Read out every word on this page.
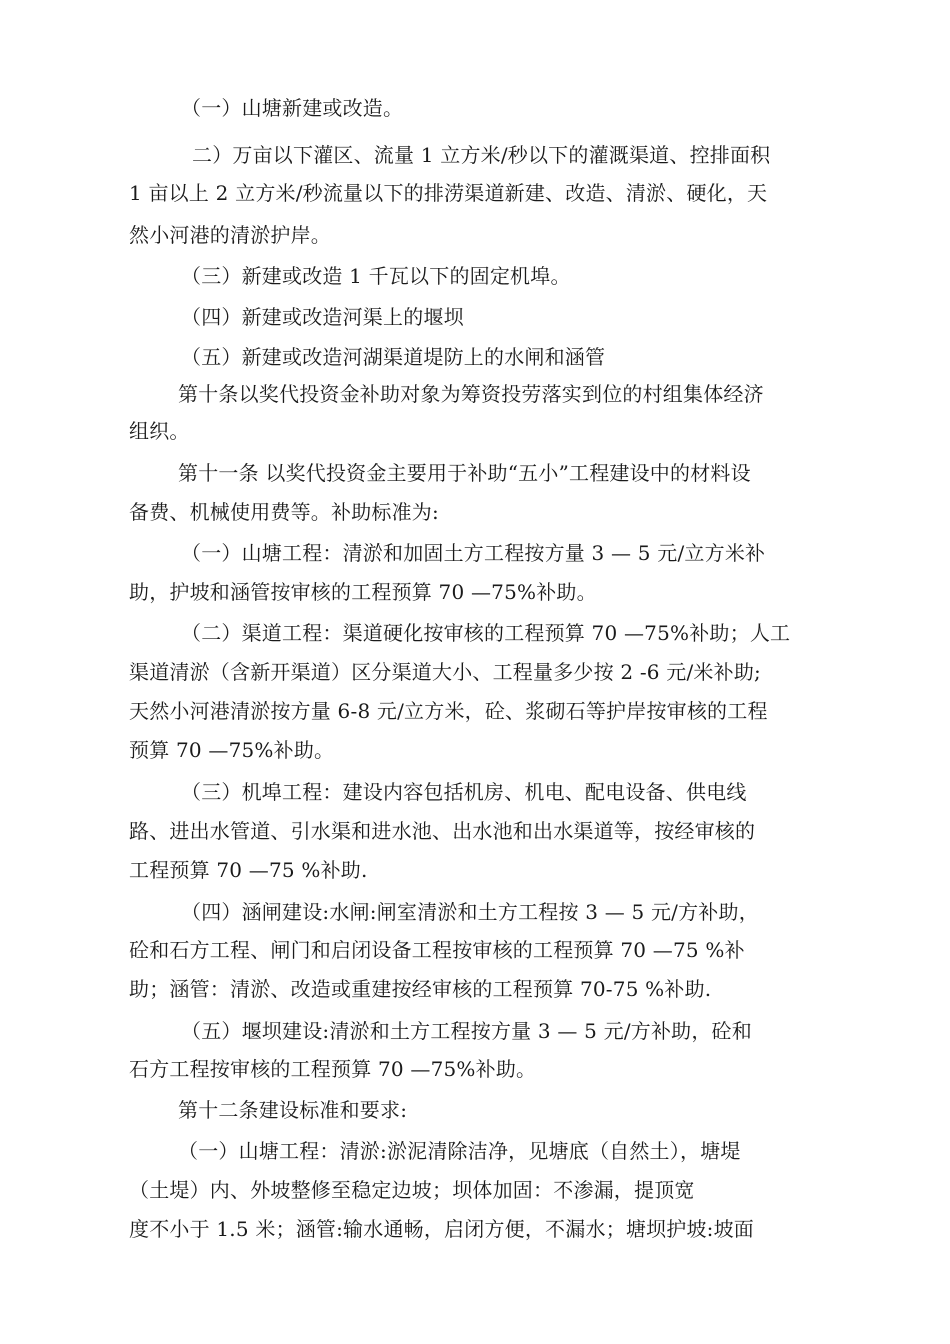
（一）山塘新建或改造。
二）万亩以下灌区、流量 1 立方米/秒以下的灌溉渠道、控排面积
1 亩以上 2 立方米/秒流量以下的排涝渠道新建、改造、清淤、硬化，天
然小河港的清淤护岸。
（三）新建或改造 1 千瓦以下的固定机埠。
（四）新建或改造河渠上的堰坝
（五）新建或改造河湖渠道堤防上的水闸和涵管
第十条以奖代投资金补助对象为筹资投劳落实到位的村组集体经济
组织。
第十一条 以奖代投资金主要用于补助“五小”工程建设中的材料设
备费、机械使用费等。补助标准为:
（一）山塘工程：清淤和加固土方工程按方量 3 — 5 元/立方米补
助，护坡和涵管按审核的工程预算 70 —75%补助。
（二）渠道工程：渠道硬化按审核的工程预算 70 —75%补助；人工
渠道清淤（含新开渠道）区分渠道大小、工程量多少按 2 -6 元/米补助;
天然小河港清淤按方量 6-8 元/立方米，砼、浆砌石等护岸按审核的工程
预算 70 —75%补助。
（三）机埠工程：建设内容包括机房、机电、配电设备、供电线
路、进出水管道、引水渠和进水池、出水池和出水渠道等，按经审核的
工程预算 70 —75 %补助.
（四）涵闸建设:水闸:闸室清淤和土方工程按 3 — 5 元/方补助，
砼和石方工程、闸门和启闭设备工程按审核的工程预算 70 —75 %补
助；涵管：清淤、改造或重建按经审核的工程预算 70-75 %补助.
（五）堰坝建设:清淤和土方工程按方量 3 — 5 元/方补助，砼和
石方工程按审核的工程预算 70 —75%补助。
第十二条建设标准和要求:
（一）山塘工程：清淤:淤泥清除洁净，见塘底（自然土），塘堤
（土堤）内、外坡整修至稳定边坡；坝体加固：不渗漏，提顶宽
度不小于 1.5 米；涵管:输水通畅，启闭方便，不漏水；塘坝护坡:坡面
